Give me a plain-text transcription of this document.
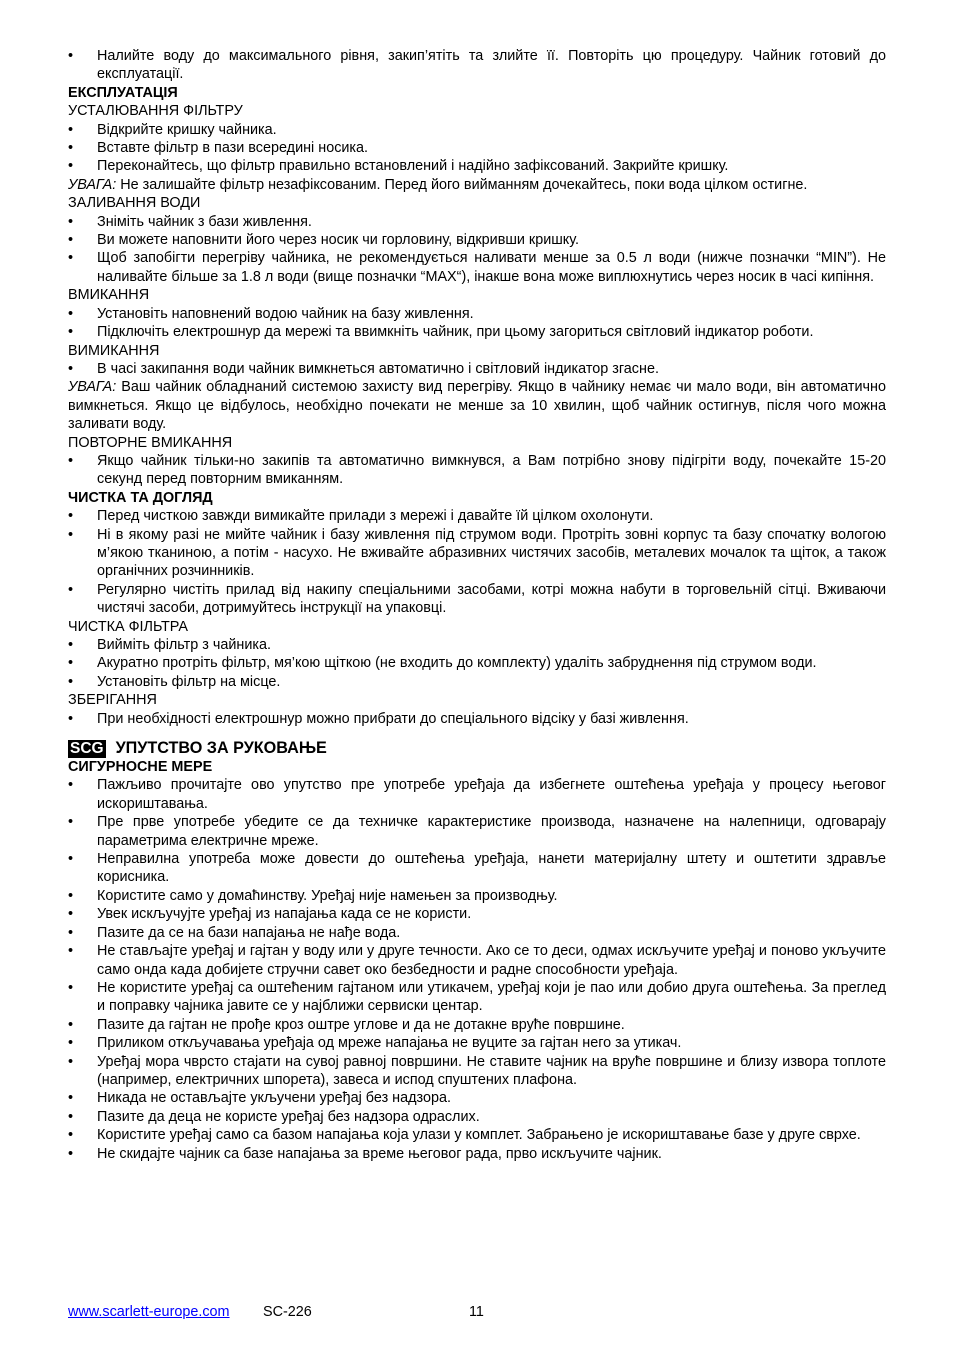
• Налийте воду до максимального рівня, закип’ятіть та злийте її. Повторіть цю процедуру. Чайник готовий до експлуатації.
ЕКСПЛУАТАЦІЯ
УСТАЛЮВАННЯ ФІЛЬТРУ
• Відкрийте кришку чайника.
• Вставте фільтр в пази всередині носика.
• Переконайтесь, що фільтр правильно встановлений і надійно зафіксований. Закрийте кришку.
УВАГА: Не залишайте фільтр незафіксованим. Перед його вийманням дочекайтесь, поки вода цілком остигне.
ЗАЛИВАННЯ ВОДИ
• Зніміть чайник з бази живлення.
• Ви можете наповнити його через носик чи горловину, відкривши кришку.
• Щоб запобігти перегріву чайника, не рекомендується наливати менше за 0.5 л води (нижче позначки “MIN”). Не наливайте більше за 1.8 л води (вище позначки “MAX“), інакше вона може виплюхнутись через носик в часі кипіння.
ВМИКАННЯ
• Установіть наповнений водою чайник на базу живлення.
• Підключіть електрошнур да мережі та ввимкніть чайник, при цьому загориться світловий індикатор роботи.
ВИМИКАННЯ
• В часі закипання води чайник вимкнеться автоматично і світловий індикатор згасне.
УВАГА: Ваш чайник обладнаний системою захисту вид перегріву. Якщо в чайнику немає чи мало води, він автоматично вимкнеться. Якщо це вiдбулось, необхідно почекати не менше за 10 хвилин, щоб чайник остигнув, після чого можна заливати воду.
ПОВТОРНЕ ВМИКАННЯ
• Якщо чайник тільки-но закипів та автоматично вимкнувся, а Вам потрібно знову підігріти воду, почекайте 15-20 секунд перед повторним вмиканням.
ЧИСТКА ТА ДОГЛЯД
• Перед чисткою завжди вимикайте прилади з мережі і давайте їй цілком охолонути.
• Ні в якому разі не мийте чайник і базу живлення під струмом води. Протріть зовні корпус та базу спочатку вологою м’якою тканиною, а потім - насухо. Не вживайте абразивних чистячих засобів, металевих мочалок та щіток, а також органічних розчинників.
• Регулярно чистіть прилад від накипу спеціальними засобами, котрі можна набути в торговельній сітці. Вживаючи чистячі засоби, дотримуйтесь інструкції на упаковці.
ЧИСТКА ФІЛЬТРА
• Вийміть фільтр з чайника.
• Акуратно протріть фільтр, мя’кою щіткою (не входить до комплекту) удаліть забруднення під струмом води.
• Установіть фільтр на місце.
ЗБЕРІГАННЯ
• При необхідності електрошнур можно прибрати до спеціального відсіку у базі живлення.
SCG УПУТСТВО ЗА РУКОВАЊЕ
СИГУРНОСНЕ МЕРЕ
• Пажљиво прочитајте ово упутство пре употребе уређаја да избегнете оштећења уређаја у процесу његовог искориштавања.
• Пре прве употребе убедите се да техничке карактеристике производа, назначене на налепници, одговарају параметрима електричне мреже.
• Неправилна употреба може довести до оштећења уређаја, нанети материјалну штету и оштетити здравље корисника.
• Користите само у домаћинству. Уређај није намењен за производњу.
• Увек искључујте уређај из напајања када се не користи.
• Пазите да се на бази напајања не нађе вода.
• Не стављајте уређај и гајтан у воду или у друге течности. Ако се то деси, одмах искључите уређај и поново укључите само онда када добијете стручни савет око безбедности и радне способности уређаја.
• Не користите уређај са оштећеним гајтаном или утикачем, уређај који је пао или добио друга оштећења. За преглед и поправку чајника јавите се у најближи сервиски центар.
• Пазите да гајтан не прође кроз оштре углове и да не дотакне вруће површине.
• Приликом откључавања уређаја од мреже напајања не вуците за гајтан него за утикач.
• Уређај мора чврсто стајати на сувој равној површини. Не ставите чајник на вруће површине и близу извора топлоте (например, електричних шпорета), завеса и испод спуштених плафона.
• Никада не остављајте укључени уређај без надзора.
• Пазите да деца не користе уређај без надзора одраслих.
• Користите уређај само са базом напајања која улази у комплет. Забрањено је искориштавање базе у друге сврхе.
• Не скидајте чајник са базе напајања за време његовог рада, прво искључите чајник.
www.scarlett-europe.com SC-226	11
